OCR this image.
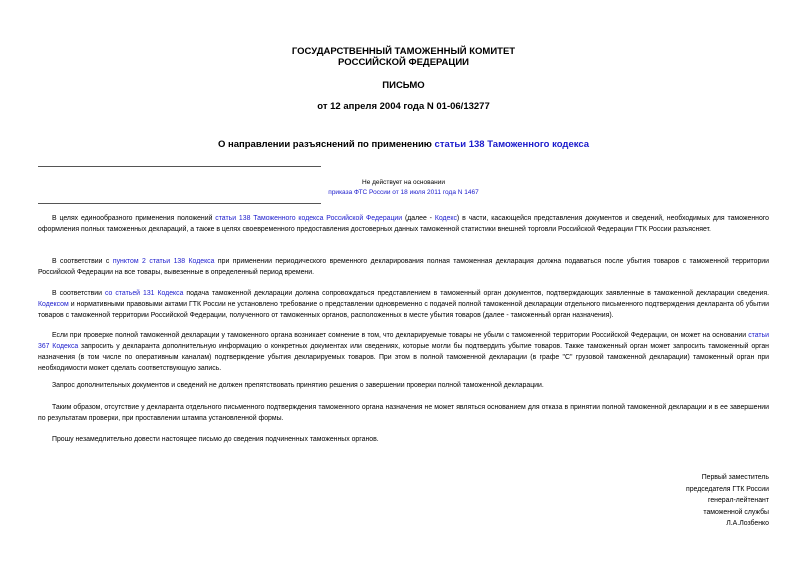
ГОСУДАРСТВЕННЫЙ ТАМОЖЕННЫЙ КОМИТЕТ
РОССИЙСКОЙ ФЕДЕРАЦИИ
ПИСЬМО
от 12 апреля 2004 года N 01-06/13277
О направлении разъяснений по применению статьи 138 Таможенного кодекса
Не действует на основании
приказа ФТС России от 18 июля 2011 года N 1467

В целях единообразного применения положений статьи 138 Таможенного кодекса Российской Федерации (далее - Кодекс) в части, касающейся представления документов и сведений, необходимых для таможенного оформления полных таможенных деклараций, а также в целях своевременного предоставления достоверных данных таможенной статистики внешней торговли Российской Федерации ГТК России разъясняет.

В соответствии с пунктом 2 статьи 138 Кодекса при применении периодического временного декларирования полная таможенная декларация должна подаваться после убытия товаров с таможенной территории Российской Федерации на все товары, вывезенные в определенный период времени.

В соответствии со статьей 131 Кодекса подача таможенной декларации должна сопровождаться представлением в таможенный орган документов, подтверждающих заявленные в таможенной декларации сведения. Кодексом и нормативными правовыми актами ГТК России не установлено требование о представлении одновременно с подачей полной таможенной декларации отдельного письменного подтверждения декларанта об убытии товаров с таможенной территории Российской Федерации, полученного от таможенных органов, расположенных в месте убытия товаров (далее - таможенный орган назначения).

Если при проверке полной таможенной декларации у таможенного органа возникает сомнение в том, что декларируемые товары не убыли с таможенной территории Российской Федерации, он может на основании статьи 367 Кодекса запросить у декларанта дополнительную информацию о конкретных документах или сведениях, которые могли бы подтвердить убытие товаров. Также таможенный орган может запросить таможенный орган назначения (в том числе по оперативным каналам) подтверждение убытия декларируемых товаров. При этом в полной таможенной декларации (в графе "С" грузовой таможенной декларации) таможенный орган при необходимости может сделать соответствующую запись.

Запрос дополнительных документов и сведений не должен препятствовать принятию решения о завершении проверки полной таможенной декларации.

Таким образом, отсутствие у декларанта отдельного письменного подтверждения таможенного органа назначения не может являться основанием для отказа в принятии полной таможенной декларации и в ее завершении по результатам проверки, при проставлении штампа установленной формы.

Прошу незамедлительно довести настоящее письмо до сведения подчиненных таможенных органов.

Первый заместитель
председателя ГТК России
генерал-лейтенант
таможенной службы
Л.А.Лозбенко
